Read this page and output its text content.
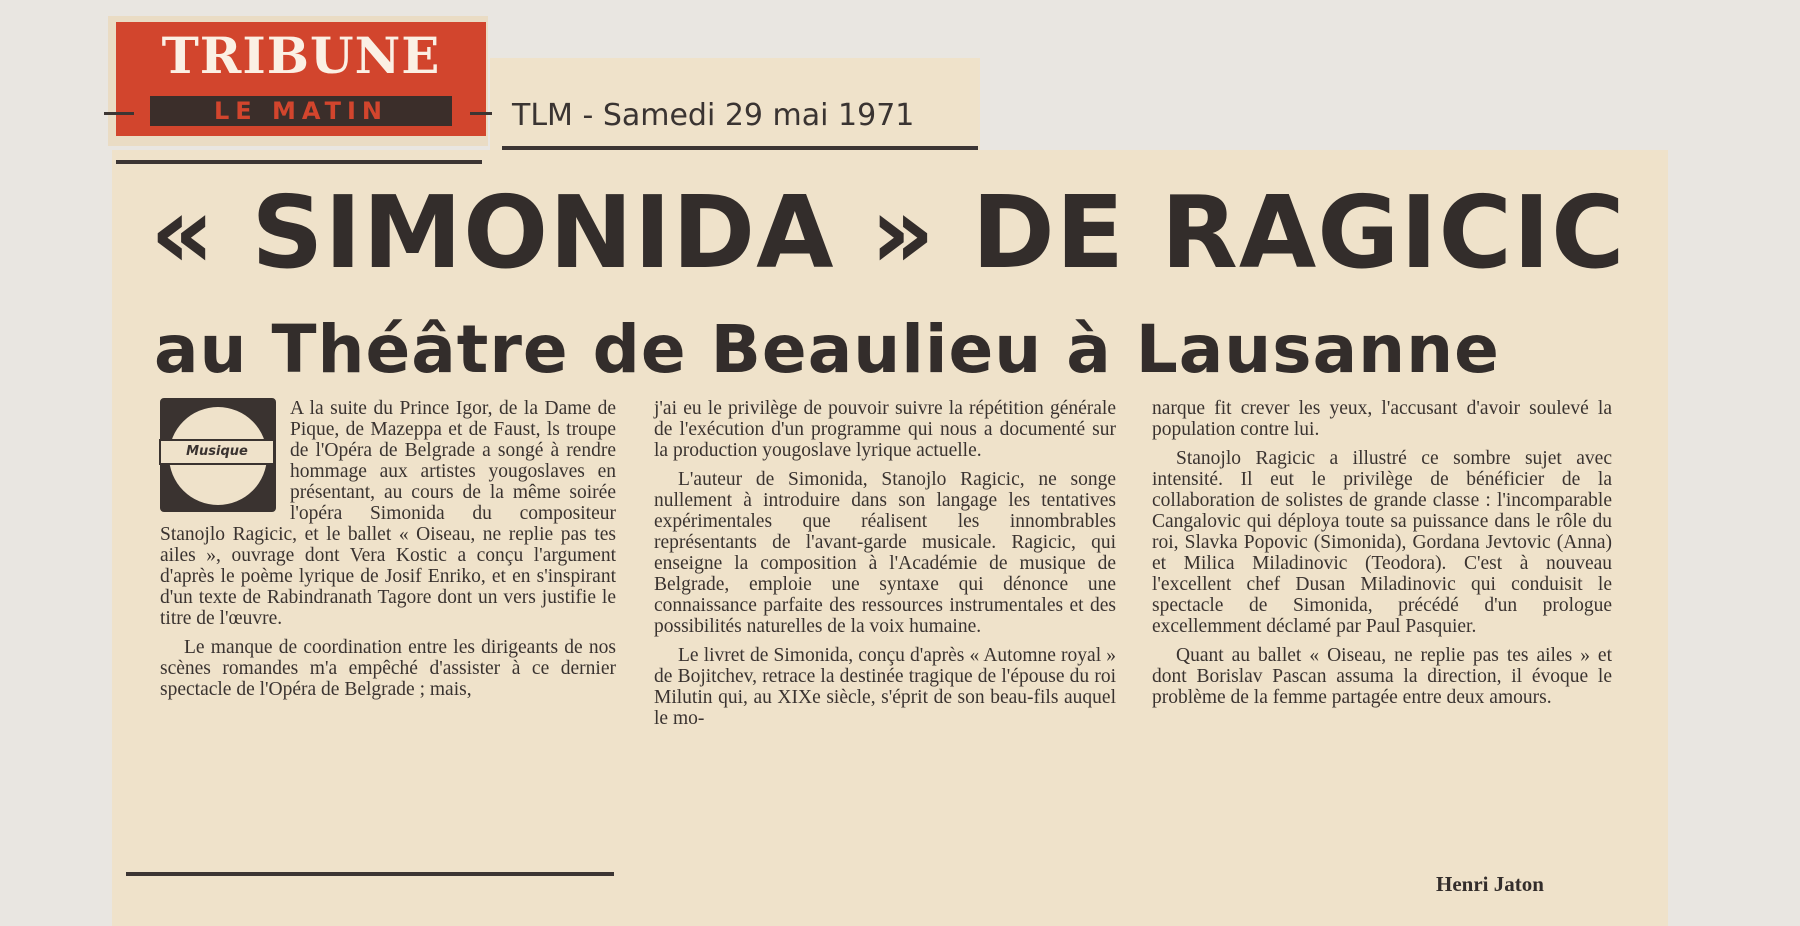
TRIBUNE
LE MATIN	TLM - Samedi 29 mai 1971
« SIMONIDA » DE RAGICIC
au Théâtre de Beaulieu à Lausanne
Musique

A la suite du Prince Igor, de la Dame de Pique, de Mazeppa et de Faust, ls troupe de l'Opéra de Belgrade a songé à rendre hommage aux artistes yougoslaves en présentant, au cours de la même soirée l'opéra Simonida du compositeur Stanojlo Ragicic, et le ballet « Oiseau, ne replie pas tes ailes », ouvrage dont Vera Kostic a conçu l'argument d'après le poème lyrique de Josif Enriko, et en s'inspirant d'un texte de Rabindranath Tagore dont un vers justifie le titre de l'œuvre.

Le manque de coordination entre les dirigeants de nos scènes romandes m'a empêché d'assister à ce dernier spectacle de l'Opéra de Belgrade ; mais,

j'ai eu le privilège de pouvoir suivre la répétition générale de l'exécution d'un programme qui nous a documenté sur la production yougoslave lyrique actuelle.

L'auteur de Simonida, Stanojlo Ragicic, ne songe nullement à introduire dans son langage les tentatives expérimentales que réalisent les innombrables représentants de l'avant-garde musicale. Ragicic, qui enseigne la composition à l'Académie de musique de Belgrade, emploie une syntaxe qui dénonce une connaissance parfaite des ressources instrumentales et des possibilités naturelles de la voix humaine.

Le livret de Simonida, conçu d'après « Automne royal » de Bojitchev, retrace la destinée tragique de l'épouse du roi Milutin qui, au XIXe siècle, s'éprit de son beau-fils auquel le mo-

narque fit crever les yeux, l'accusant d'avoir soulevé la population contre lui.

Stanojlo Ragicic a illustré ce sombre sujet avec intensité. Il eut le privilège de bénéficier de la collaboration de solistes de grande classe : l'incomparable Cangalovic qui déploya toute sa puissance dans le rôle du roi, Slavka Popovic (Simonida), Gordana Jevtovic (Anna) et Milica Miladinovic (Teodora). C'est à nouveau l'excellent chef Dusan Miladinovic qui conduisit le spectacle de Simonida, précédé d'un prologue excellemment déclamé par Paul Pasquier.

Quant au ballet « Oiseau, ne replie pas tes ailes » et dont Borislav Pascan assuma la direction, il évoque le problème de la femme partagée entre deux amours.

Henri Jaton
